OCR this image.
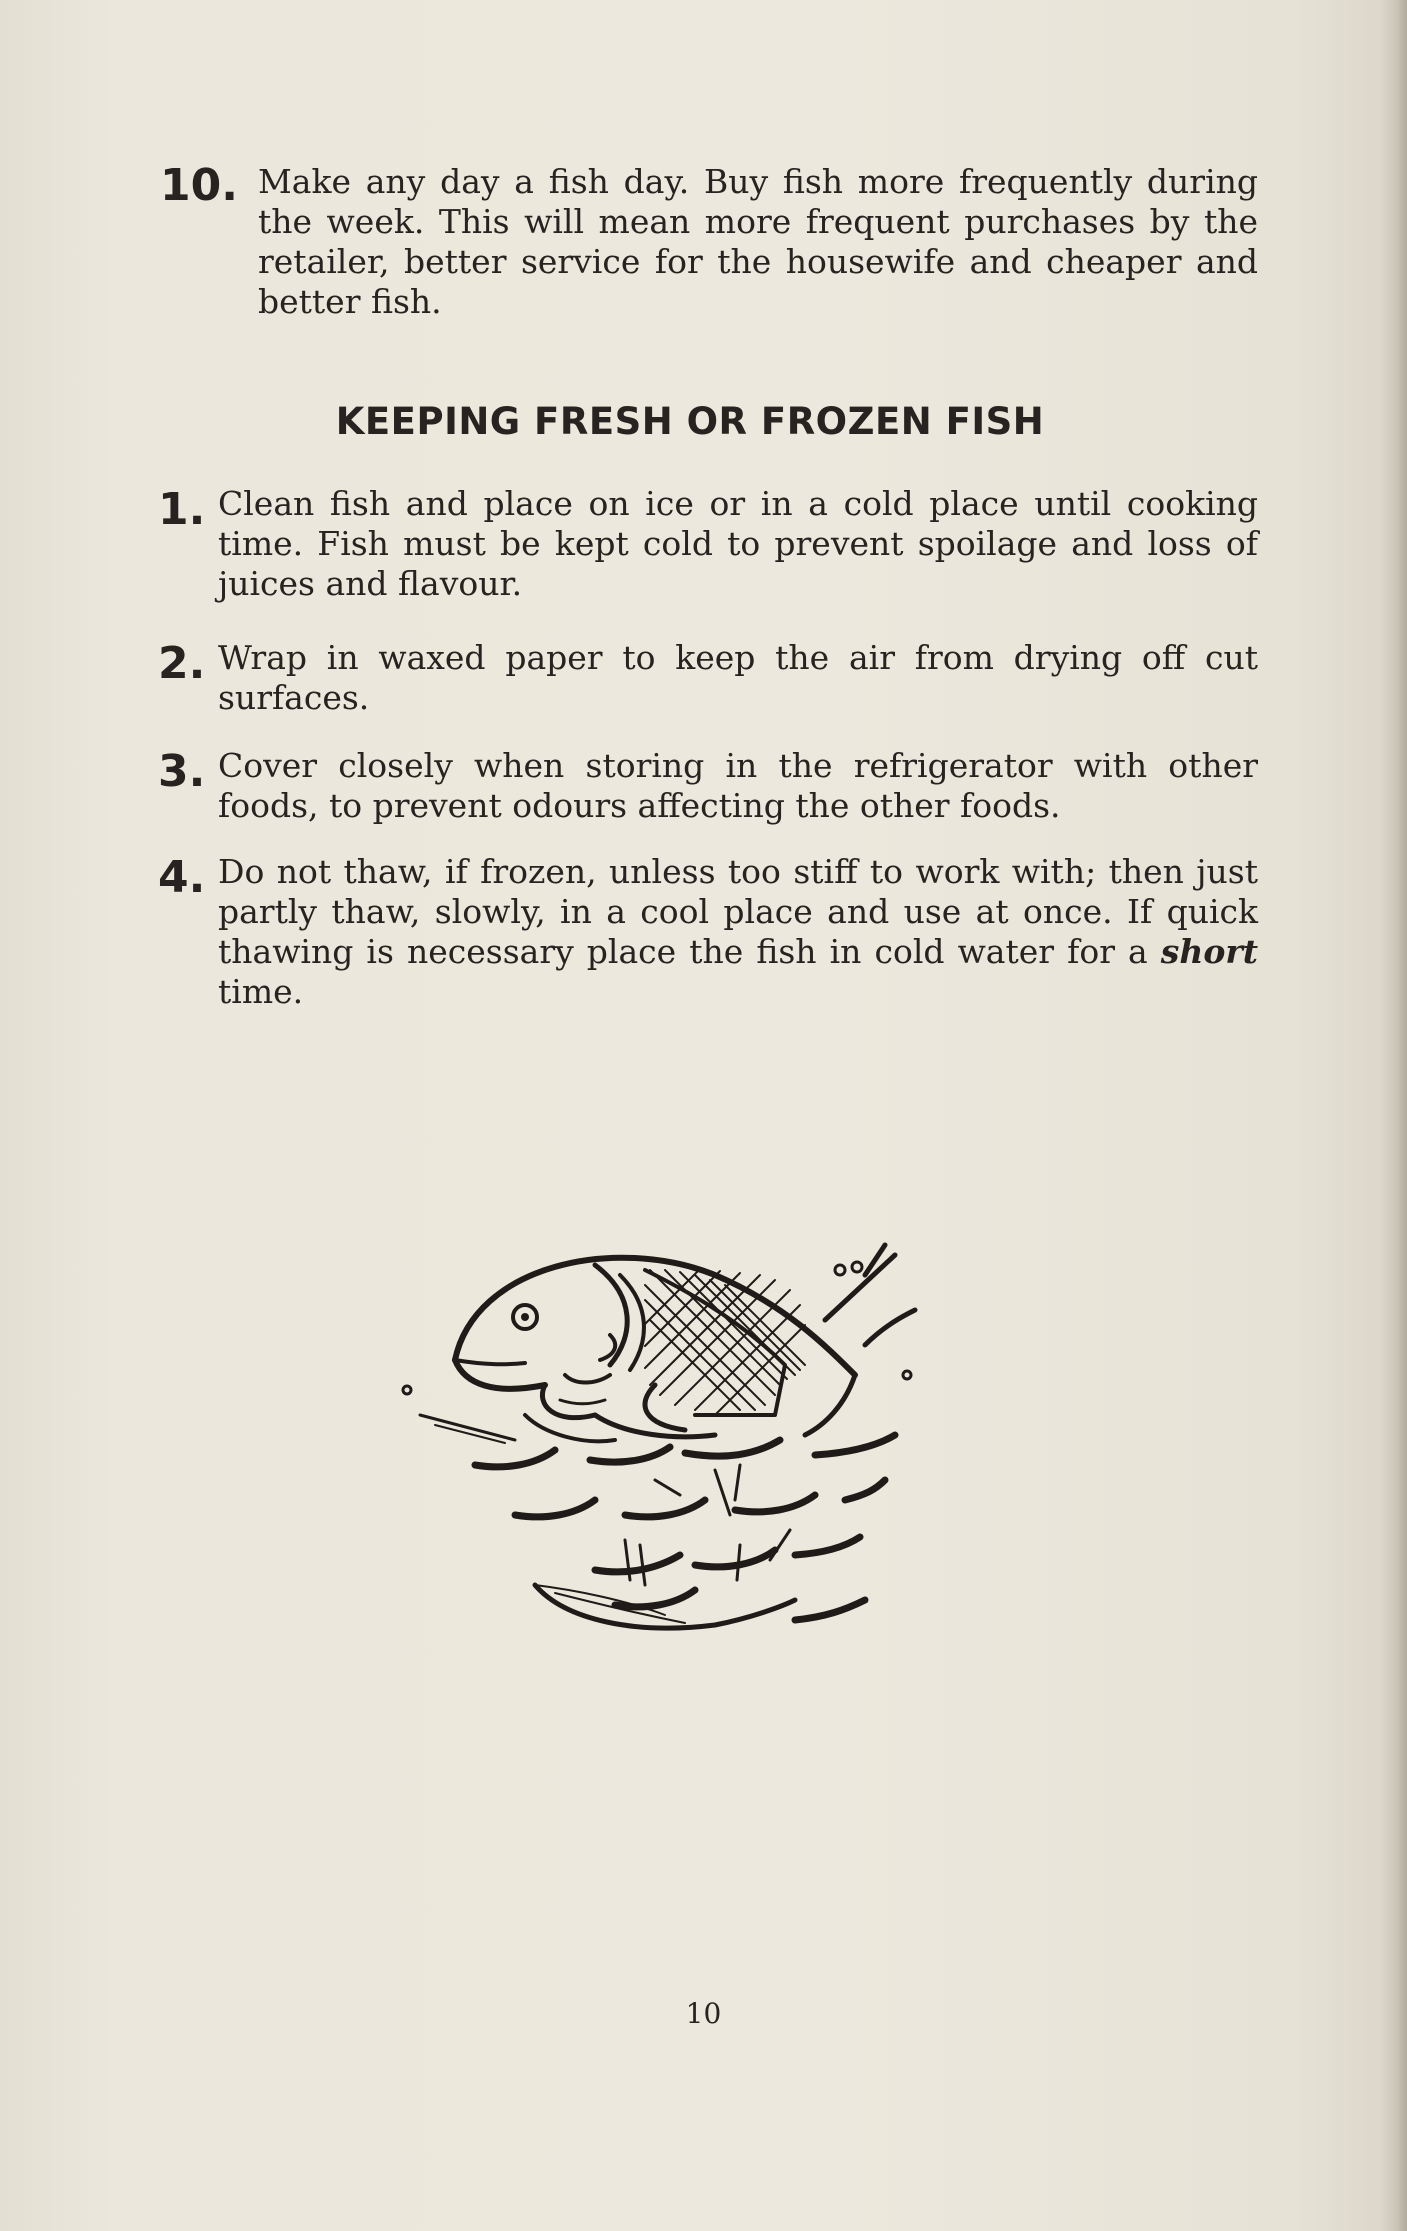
10. Make any day a fish day. Buy fish more frequently during the week. This will mean more frequent purchases by the retailer, better service for the housewife and cheaper and better fish.
KEEPING FRESH OR FROZEN FISH
1. Clean fish and place on ice or in a cold place until cooking time. Fish must be kept cold to prevent spoilage and loss of juices and flavour.
2. Wrap in waxed paper to keep the air from drying off cut surfaces.
3. Cover closely when storing in the refrigerator with other foods, to prevent odours affecting the other foods.
4. Do not thaw, if frozen, unless too stiff to work with; then just partly thaw, slowly, in a cool place and use at once. If quick thawing is necessary place the fish in cold water for a short time.
10
